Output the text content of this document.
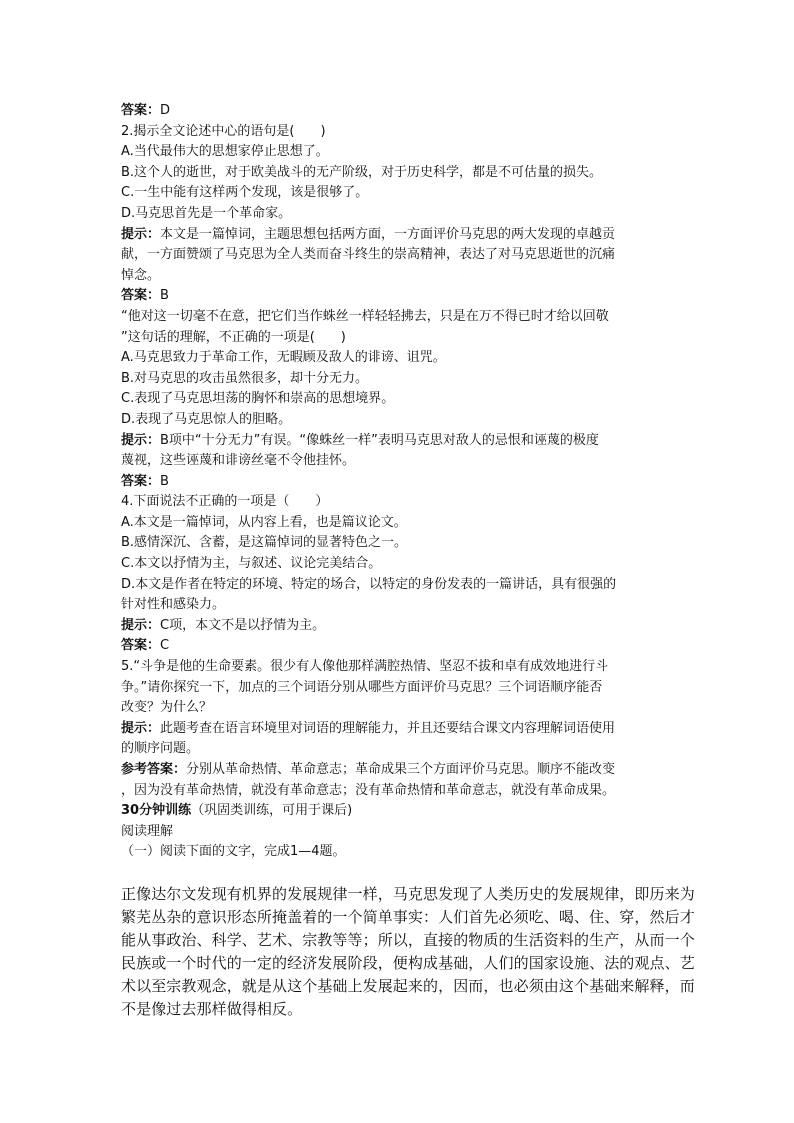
答案：D
2.揭示全文论述中心的语句是(　　)
A.当代最伟大的思想家停止思想了。
B.这个人的逝世，对于欧美战斗的无产阶级，对于历史科学，都是不可估量的损失。
C.一生中能有这样两个发现，该是很够了。
D.马克思首先是一个革命家。
提示：本文是一篇悼词，主题思想包括两方面，一方面评价马克思的两大发现的卓越贡
献，一方面赞颂了马克思为全人类而奋斗终生的崇高精神，表达了对马克思逝世的沉痛
悼念。
答案：B
“他对这一切毫不在意，把它们当作蛛丝一样轻轻拂去，只是在万不得已时才给以回敬
”这句话的理解，不正确的一项是(　　)
A.马克思致力于革命工作，无暇顾及敌人的诽谤、诅咒。
B.对马克思的攻击虽然很多，却十分无力。
C.表现了马克思坦荡的胸怀和崇高的思想境界。
D.表现了马克思惊人的胆略。
提示：B项中“十分无力”有误。“像蛛丝一样”表明马克思对敌人的忌恨和诬蔑的极度
蔑视，这些诬蔑和诽谤丝毫不令他挂怀。
答案：B
4.下面说法不正确的一项是（　　）
A.本文是一篇悼词，从内容上看，也是篇议论文。
B.感情深沉、含蓄，是这篇悼词的显著特色之一。
C.本文以抒情为主，与叙述、议论完美结合。
D.本文是作者在特定的环境、特定的场合，以特定的身份发表的一篇讲话，具有很强的
针对性和感染力。
提示：C项，本文不是以抒情为主。
答案：C
5.“斗争是他的生命要素。很少有人像他那样满腔热情、坚忍不拔和卓有成效地进行斗
争。”请你探究一下，加点的三个词语分别从哪些方面评价马克思？三个词语顺序能否
改变？为什么？
提示：此题考查在语言环境里对词语的理解能力，并且还要结合课文内容理解词语使用
的顺序问题。
参考答案：分别从革命热情、革命意志；革命成果三个方面评价马克思。顺序不能改变
，因为没有革命热情，就没有革命意志；没有革命热情和革命意志，就没有革命成果。
30分钟训练（巩固类训练，可用于课后)
阅读理解
（一）阅读下面的文字，完成1—4题。
正像达尔文发现有机界的发展规律一样，马克思发现了人类历史的发展规律，即历来为
繁芜丛杂的意识形态所掩盖着的一个简单事实：人们首先必须吃、喝、住、穿，然后才
能从事政治、科学、艺术、宗教等等；所以，直接的物质的生活资料的生产，从而一个
民族或一个时代的一定的经济发展阶段，便构成基础，人们的国家设施、法的观点、艺
术以至宗教观念，就是从这个基础上发展起来的，因而，也必须由这个基础来解释，而
不是像过去那样做得相反。
